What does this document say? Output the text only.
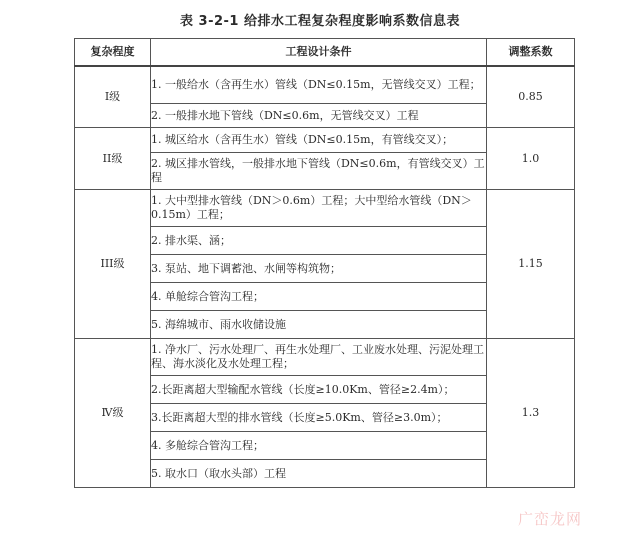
表 3-2-1 给排水工程复杂程度影响系数信息表
复杂程度	工程设计条件	调整系数
I级	1. 一般给水（含再生水）管线（DN≤0.15m，无管线交叉）工程；	0.85

	2. 一般排水地下管线（DN≤0.6m，无管线交叉）工程	

II级	1. 城区给水（含再生水）管线（DN≤0.15m，有管线交叉）；	1.0

	2. 城区排水管线，一般排水地下管线（DN≤0.6m，有管线交叉）工程	

III级	1. 大中型排水管线（DN＞0.6m）工程；大中型给水管线（DN＞0.15m）工程；	1.15

	2. 排水渠、涵；	

	3. 泵站、地下调蓄池、水闸等构筑物；	

	4. 单舱综合管沟工程；	

	5. 海绵城市、雨水收储设施	

Ⅳ级	1. 净水厂、污水处理厂、再生水处理厂、工业废水处理、污泥处理工程、海水淡化及水处理工程；	1.3

	2.长距离超大型输配水管线（长度≥10.0Km、管径≥2.4m）；	

	3.长距离超大型的排水管线（长度≥5.0Km、管径≥3.0m）；	

	4. 多舱综合管沟工程；	

	5. 取水口（取水头部）工程	
广峦龙网
